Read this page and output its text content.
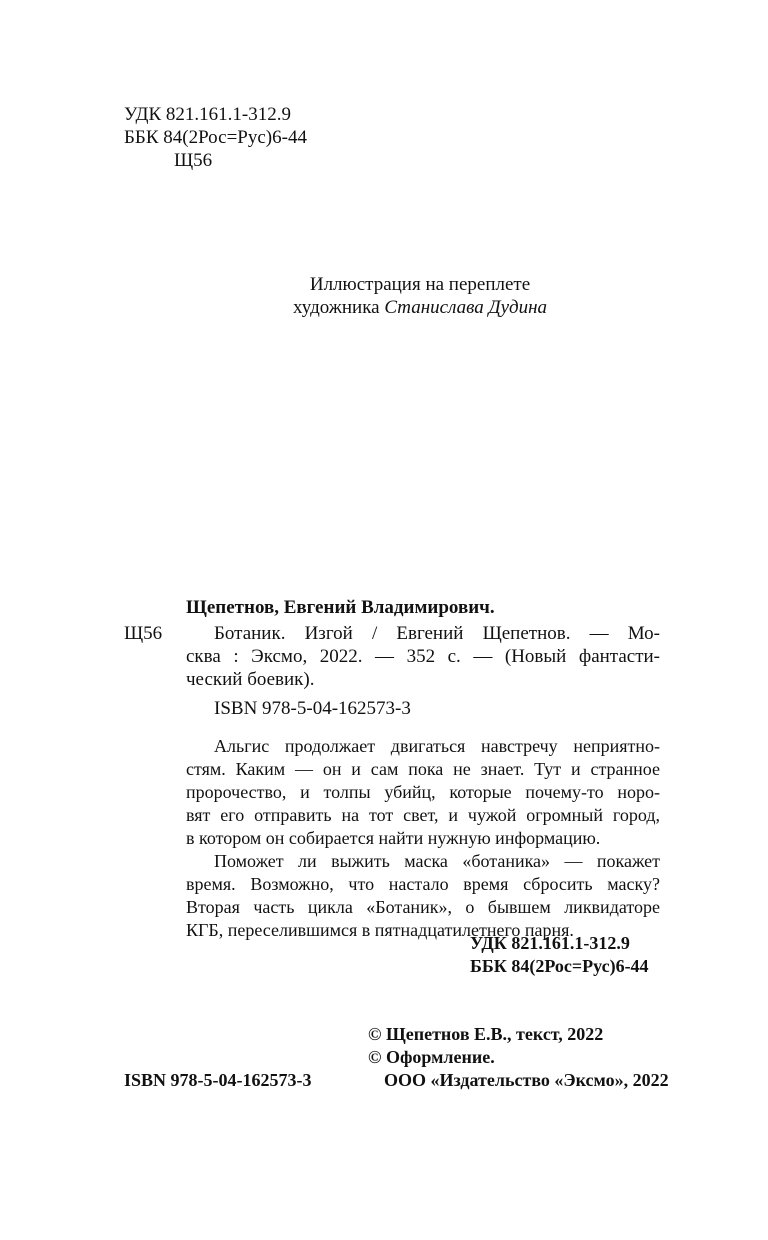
УДК 821.161.1-312.9
ББК 84(2Рос=Рус)6-44
Щ56
Иллюстрация на переплете
художника Станислава Дудина
Щепетнов, Евгений Владимирович.
Щ56	Ботаник. Изгой / Евгений Щепетнов. — Мо-
сква : Эксмо, 2022. — 352 с. — (Новый фантасти-
ческий боевик).
ISBN 978-5-04-162573-3
Альгис продолжает двигаться навстречу неприятно-
стям. Каким — он и сам пока не знает. Тут и странное
пророчество, и толпы убийц, которые почему-то норо-
вят его отправить на тот свет, и чужой огромный город,
в котором он собирается найти нужную информацию.
Поможет ли выжить маска «ботаника» — покажет
время. Возможно, что настало время сбросить маску?
Вторая часть цикла «Ботаник», о бывшем ликвидаторе
КГБ, переселившимся в пятнадцатилетнего парня.
УДК 821.161.1-312.9
ББК 84(2Рос=Рус)6-44
© Щепетнов Е.В., текст, 2022
© Оформление.
ООО «Издательство «Эксмо», 2022
ISBN 978-5-04-162573-3
